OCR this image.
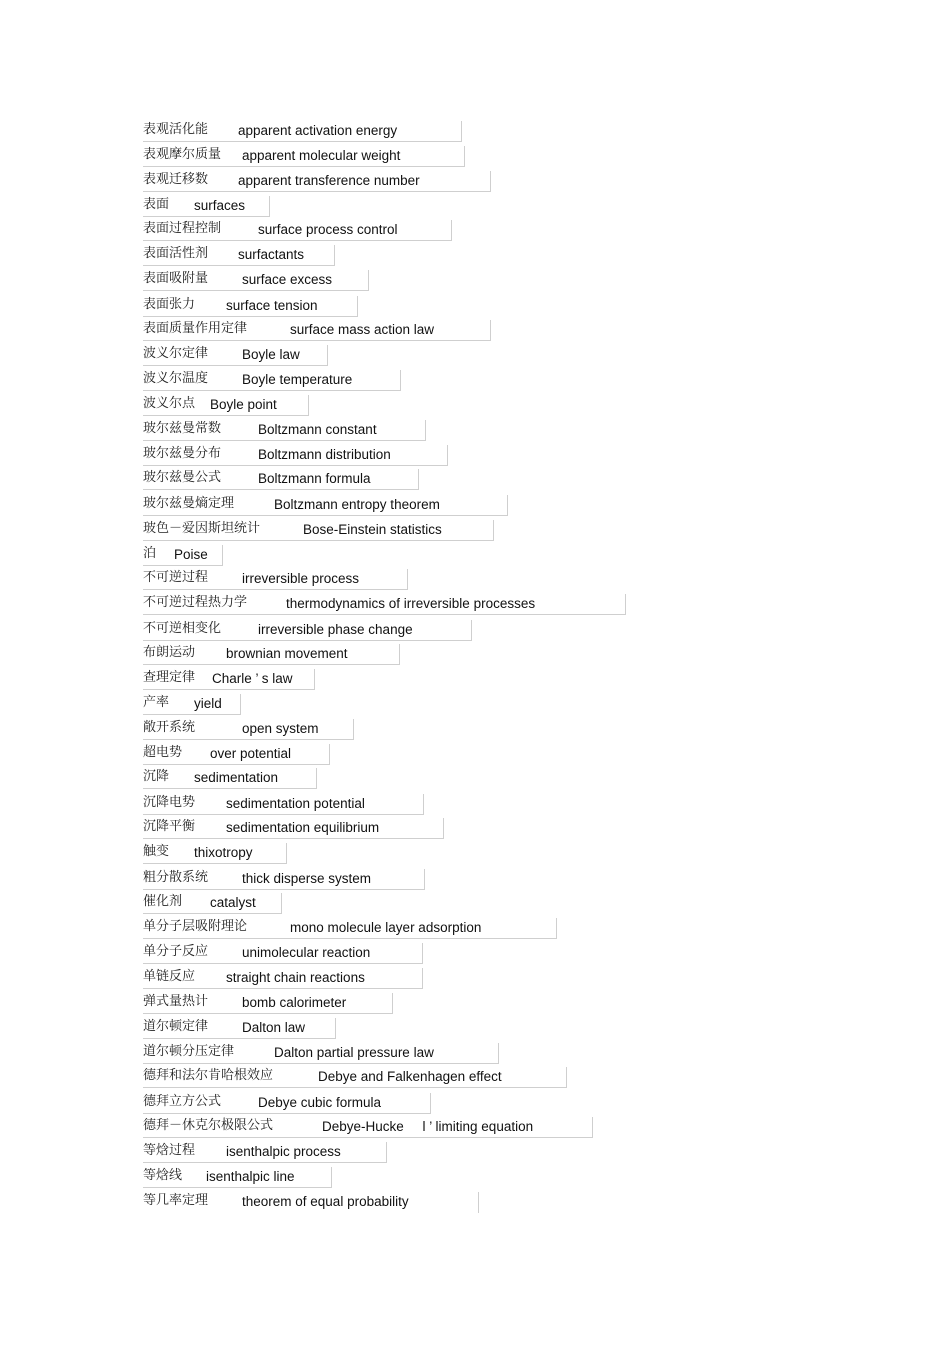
表观活化能 apparent activation energy
表观摩尔质量 apparent molecular weight
表观迁移数 apparent transference number
表面 surfaces
表面过程控制	surface process control
表面活性剂 surfactants
表面吸附量	surface excess
表面张力 surface tension
表面质量作用定律	surface mass action law
波义尔定律	Boyle law
波义尔温度	Boyle temperature
波义尔点 Boyle point
玻尔兹曼常数	Boltzmann constant
玻尔兹曼分布	Boltzmann distribution
玻尔兹曼公式	Boltzmann formula
玻尔兹曼熵定理	Boltzmann entropy theorem
玻色－爱因斯坦统计	Bose-Einstein statistics
泊 Poise
不可逆过程	irreversible process
不可逆过程热力学	thermodynamics of irreversible processes
不可逆相变化	irreversible phase change
布朗运动 brownian movement
查理定律 Charle ’ s law
产率 yield
敞开系统	open system
超电势 over potential
沉降 sedimentation
沉降电势 sedimentation potential
沉降平衡 sedimentation equilibrium
触变 thixotropy
粗分散系统	thick disperse system
催化剂 catalyst
单分子层吸附理论	mono molecule layer adsorption
单分子反应	unimolecular reaction
单链反应 straight chain reactions
弹式量热计	bomb calorimeter
道尔顿定律	Dalton law
道尔顿分压定律	Dalton partial pressure law
德拜和法尔肯哈根效应	Debye and Falkenhagen effect
德拜立方公式	Debye cubic formula
德拜－休克尔极限公式	Debye-Hucke     l ’ limiting equation
等焓过程 isenthalpic process
等焓线 isenthalpic line
等几率定理	theorem of equal probability
